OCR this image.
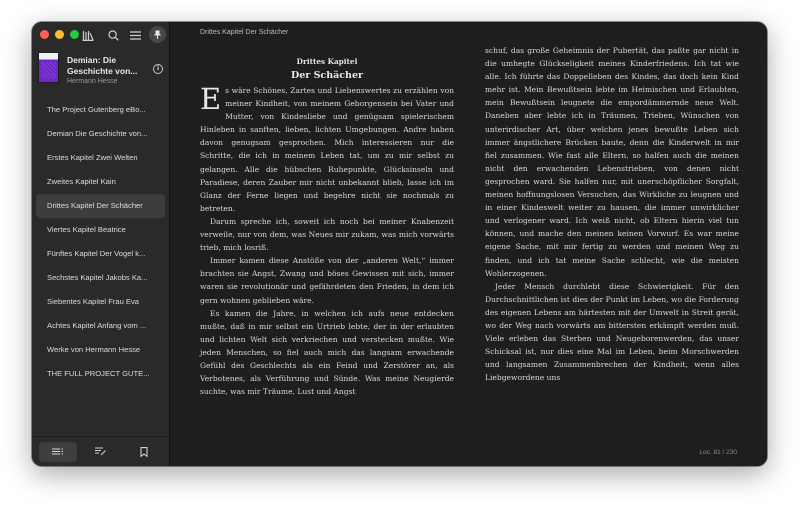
Demian: Die Geschichte von...
Hermann Hesse
i
The Project Gutenberg eBo...
Demian Die Geschichte von...
Erstes Kapitel Zwei Welten
Zweites Kapitel Kain
Drittes Kapitel Der Schächer
Viertes Kapitel Beatrice
Fünftes Kapitel Der Vogel k...
Sechstes Kapitel Jakobs Ka...
Siebentes Kapitel Frau Eva
Achtes Kapitel Anfang vom ...
Werke von Hermann Hesse
THE FULL PROJECT GUTE...
Drittes Kapitel Der Schächer
Drittes Kapitel
Der Schächer

Es wäre Schönes, Zartes und Liebenswertes zu erzählen von meiner Kindheit, von meinem Geborgensein bei Vater und Mutter, von Kindesliebe und genügsam spielerischem Hinleben in sanften, lieben, lichten Umgebungen. Andre haben davon genugsam gesprochen. Mich interessieren nur die Schritte, die ich in meinem Leben tat, um zu mir selbst zu gelangen. Alle die hübschen Ruhepunkte, Glücksinseln und Paradiese, deren Zauber mir nicht unbekannt blieb, lasse ich im Glanz der Ferne liegen und begehre nicht sie nochmals zu betreten.

Darum spreche ich, soweit ich noch bei meiner Knabenzeit verweile, nur von dem, was Neues mir zukam, was mich vorwärts trieb, mich losriß.

Immer kamen diese Anstöße von der „anderen Welt,“ immer brachten sie Angst, Zwang und böses Gewissen mit sich, immer waren sie revolutionär und gefährdeten den Frieden, in dem ich gern wohnen geblieben wäre.

Es kamen die Jahre, in welchen ich aufs neue entdecken mußte, daß in mir selbst ein Urtrieb lebte, der in der erlaubten und lichten Welt sich verkriechen und verstecken mußte. Wie jeden Menschen, so fiel auch mich das langsam erwachende Gefühl des Geschlechts als ein Feind und Zerstörer an, als Verbotenes, als Verführung und Sünde. Was meine Neugierde suchte, was mir Träume, Lust und Angst

schuf, das große Geheimnis der Pubertät, das paßte gar nicht in die umhegte Glückseligkeit meines Kinderfriedens. Ich tat wie alle. Ich führte das Doppelleben des Kindes, das doch kein Kind mehr ist. Mein Bewußtsein lebte im Heimischen und Erlaubten, mein Bewußtsein leugnete die empordämmernde neue Welt. Daneben aber lebte ich in Träumen, Trieben, Wünschen von unterirdischer Art, über welchen jenes bewußte Leben sich immer ängstlichere Brücken baute, denn die Kinderwelt in mir fiel zusammen. Wie fast alle Eltern, so halfen auch die meinen nicht den erwachenden Lebenstrieben, von denen nicht gesprochen ward. Sie halfen nur, mit unerschöpflicher Sorgfalt, meinen hoffnungslosen Versuchen, das Wirkliche zu leugnen und in einer Kindeswelt weiter zu hausen, die immer unwirklicher und verlogener ward. Ich weiß nicht, ob Eltern hierin viel tun können, und mache den meinen keinen Vorwurf. Es war meine eigene Sache, mit mir fertig zu werden und meinen Weg zu finden, und ich tat meine Sache schlecht, wie die meisten Wohlerzogenen.

Jeder Mensch durchlebt diese Schwierigkeit. Für den Durchschnittlichen ist dies der Punkt im Leben, wo die Forderung des eigenen Lebens am härtesten mit der Umwelt in Streit gerät, wo der Weg nach vorwärts am bittersten erkämpft werden muß. Viele erleben das Sterben und Neugeborenwerden, das unser Schicksal ist, nur dies eine Mal im Leben, beim Morschwerden und langsamen Zusammenbrechen der Kindheit, wenn alles Liebgewordene uns

Loc. 81 / 230
